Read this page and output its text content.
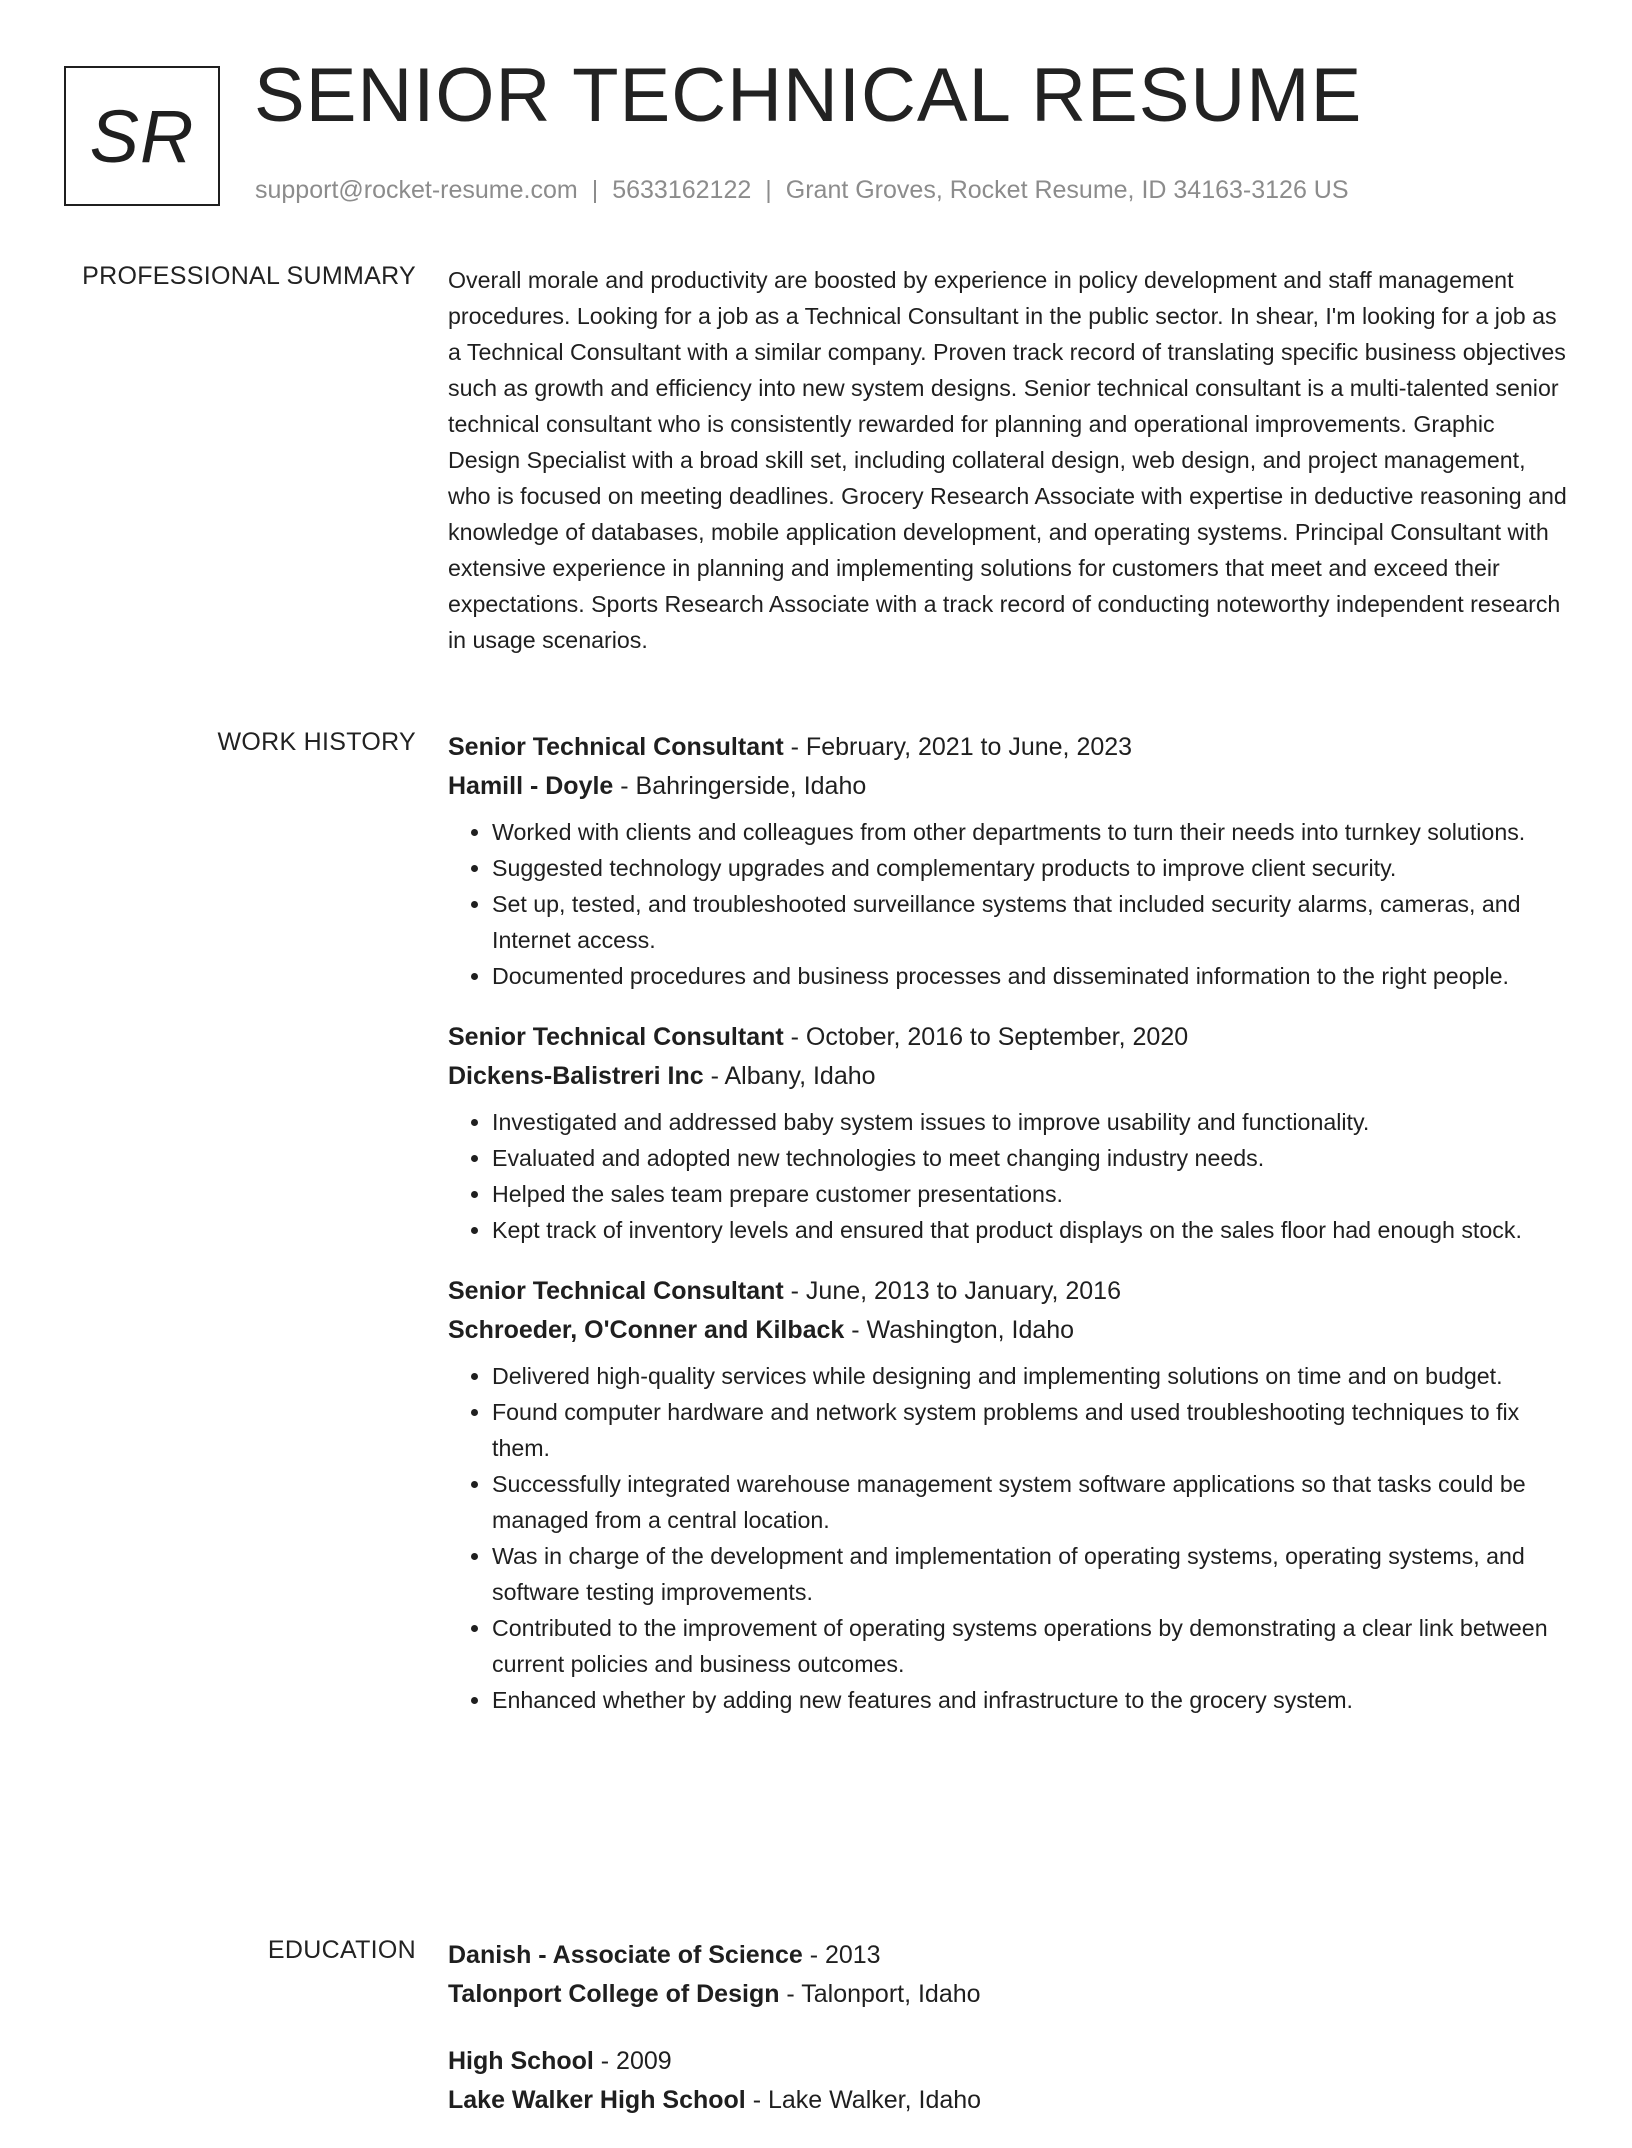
SR SENIOR TECHNICAL RESUME
support@rocket-resume.com | 5633162122 | Grant Groves, Rocket Resume, ID 34163-3126 US
PROFESSIONAL SUMMARY Overall morale and productivity are boosted by experience in policy development and staff management procedures. Looking for a job as a Technical Consultant in the public sector. In shear, I'm looking for a job as a Technical Consultant with a similar company. Proven track record of translating specific business objectives such as growth and efficiency into new system designs. Senior technical consultant is a multi-talented senior technical consultant who is consistently rewarded for planning and operational improvements. Graphic Design Specialist with a broad skill set, including collateral design, web design, and project management, who is focused on meeting deadlines. Grocery Research Associate with expertise in deductive reasoning and knowledge of databases, mobile application development, and operating systems. Principal Consultant with extensive experience in planning and implementing solutions for customers that meet and exceed their expectations. Sports Research Associate with a track record of conducting noteworthy independent research in usage scenarios.

WORK HISTORY Senior Technical Consultant - February, 2021 to June, 2023
Hamill - Doyle - Bahringerside, Idaho
• Worked with clients and colleagues from other departments to turn their needs into turnkey solutions.
• Suggested technology upgrades and complementary products to improve client security.
• Set up, tested, and troubleshooted surveillance systems that included security alarms, cameras, and Internet access.
• Documented procedures and business processes and disseminated information to the right people.
Senior Technical Consultant - October, 2016 to September, 2020
Dickens-Balistreri Inc - Albany, Idaho
• Investigated and addressed baby system issues to improve usability and functionality.
• Evaluated and adopted new technologies to meet changing industry needs.
• Helped the sales team prepare customer presentations.
• Kept track of inventory levels and ensured that product displays on the sales floor had enough stock.
Senior Technical Consultant - June, 2013 to January, 2016
Schroeder, O'Conner and Kilback - Washington, Idaho
• Delivered high-quality services while designing and implementing solutions on time and on budget.
• Found computer hardware and network system problems and used troubleshooting techniques to fix them.
• Successfully integrated warehouse management system software applications so that tasks could be managed from a central location.
• Was in charge of the development and implementation of operating systems, operating systems, and software testing improvements.
• Contributed to the improvement of operating systems operations by demonstrating a clear link between current policies and business outcomes.
• Enhanced whether by adding new features and infrastructure to the grocery system.
EDUCATION Danish - Associate of Science - 2013
Talonport College of Design - Talonport, Idaho
High School - 2009
Lake Walker High School - Lake Walker, Idaho
